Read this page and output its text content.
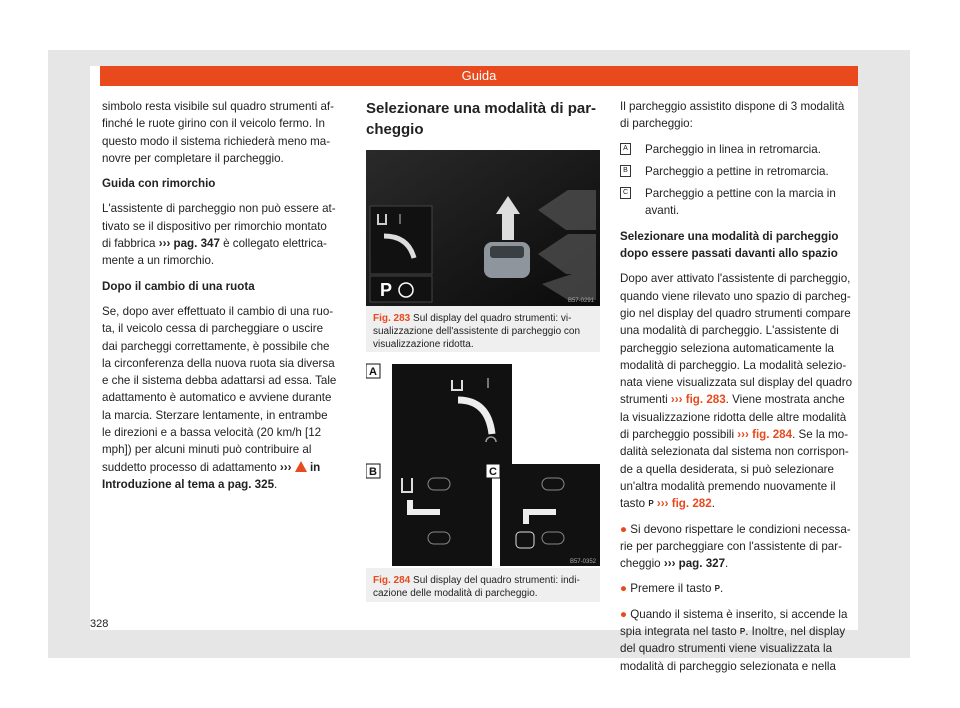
Guida

simbolo resta visibile sul quadro strumenti af-finché le ruote girino con il veicolo fermo. In questo modo il sistema richiederà meno ma-novre per completare il parcheggio.

Guida con rimorchio

L'assistente di parcheggio non può essere at-tivato se il dispositivo per rimorchio montato di fabbrica ››› pag. 347 è collegato elettrica-mente a un rimorchio.

Dopo il cambio di una ruota

Se, dopo aver effettuato il cambio di una ruo-ta, il veicolo cessa di parcheggiare o uscire dai parcheggi correttamente, è possibile che la circonferenza della nuova ruota sia diversa e che il sistema debba adattarsi ad essa. Tale adattamento è automatico e avviene durante la marcia. Sterzare lentamente, in entrambe le direzioni e a bassa velocità (20 km/h [12 mph]) per alcuni minuti può contribuire al suddetto processo di adattamento ›››  in Introduzione al tema a pag. 325.

328

Selezionare una modalità di par-cheggio

P
B57-0291
Fig. 283 Sul display del quadro strumenti: vi-sualizzazione dell'assistente di parcheggio con visualizzazione ridotta.
A
B	C
B57-0352
Fig. 284 Sul display del quadro strumenti: indi-cazione delle modalità di parcheggio.

Il parcheggio assistito dispone di 3 modalità di parcheggio:

A Parcheggio in linea in retromarcia.
B Parcheggio a pettine in retromarcia.
C Parcheggio a pettine con la marcia in avanti.

Selezionare una modalità di parcheggio dopo essere passati davanti allo spazio

Dopo aver attivato l'assistente di parcheggio, quando viene rilevato uno spazio di parcheg-gio nel display del quadro strumenti compare una modalità di parcheggio. L'assistente di parcheggio seleziona automaticamente la modalità di parcheggio. La modalità selezio-nata viene visualizzata sul display del quadro strumenti ››› fig. 283. Viene mostrata anche la visualizzazione ridotta delle altre modalità di parcheggio possibili ››› fig. 284. Se la mo-dalità selezionata dal sistema non corrispon-de a quella desiderata, si può selezionare un'altra modalità premendo nuovamente il tasto P ››› fig. 282.

● Si devono rispettare le condizioni necessa-rie per parcheggiare con l'assistente di par-cheggio ››› pag. 327.

● Premere il tasto P.

● Quando il sistema è inserito, si accende la spia integrata nel tasto P. Inoltre, nel display del quadro strumenti viene visualizzata la modalità di parcheggio selezionata e nella
